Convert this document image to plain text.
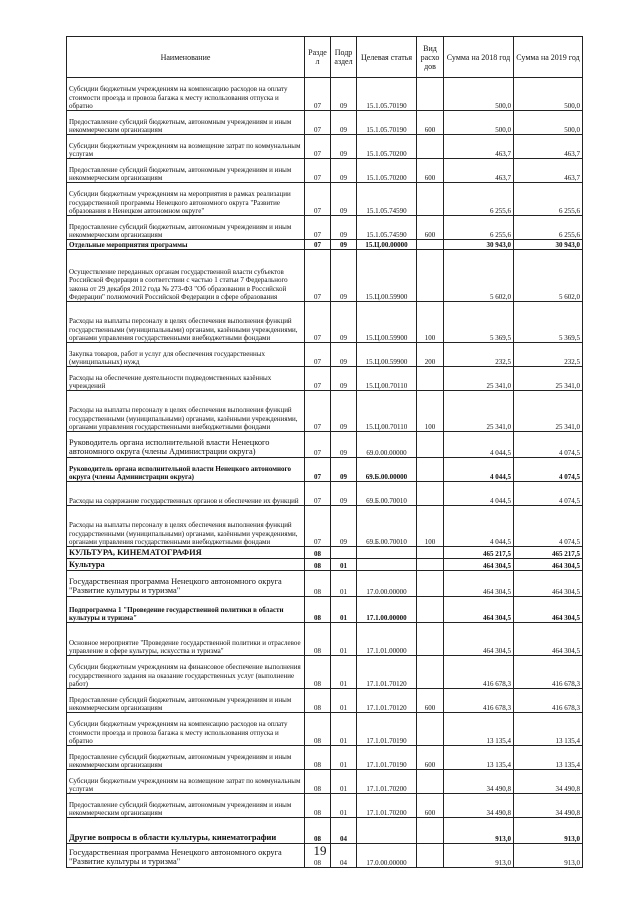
Наименование	Разде л	Подр аздел	Целевая статья	Вид расхо дов	Сумма на 2018 год	Сумма на 2019 год
Субсидии бюджетным учреждениям на компенсацию расходов на оплату стоимости проезда и провоза багажа к месту использования отпуска и обратно	07	09	15.1.05.70190		500,0	500,0
Предоставление субсидий бюджетным, автономным учреждениям и иным некоммерческим организациям	07	09	15.1.05.70190	600	500,0	500,0
Субсидии бюджетным учреждениям на возмещение затрат по коммунальным услугам	07	09	15.1.05.70200		463,7	463,7
Предоставление субсидий бюджетным, автономным учреждениям и иным некоммерческим организациям	07	09	15.1.05.70200	600	463,7	463,7
Субсидии бюджетным учреждениям на мероприятия в рамках реализации государственной программы Ненецкого автономного округа "Развитие образования в Ненецком автономном округе"	07	09	15.1.05.74590		6 255,6	6 255,6
Предоставление субсидий бюджетным, автономным учреждениям и иным некоммерческим организациям	07	09	15.1.05.74590	600	6 255,6	6 255,6
Отдельные мероприятия программы	07	09	15.Ц.00.00000		30 943,0	30 943,0
Осуществление переданных органам государственной власти субъектов Российской Федерации в соответствии с частью 1 статьи 7 Федерального закона от 29 декабря 2012 года № 273-ФЗ "Об образовании в Российской Федерации" полномочий Российской Федерации в сфере образования	07	09	15.Ц.00.59900		5 602,0	5 602,0
Расходы на выплаты персоналу в целях обеспечения выполнения функций государственными (муниципальными) органами, казёнными учреждениями, органами управления государственными внебюджетными фондами	07	09	15.Ц.00.59900	100	5 369,5	5 369,5
Закупка товаров, работ и услуг для обеспечения государственных (муниципальных) нужд	07	09	15.Ц.00.59900	200	232,5	232,5
Расходы на обеспечение деятельности подведомственных казённых учреждений	07	09	15.Ц.00.70110		25 341,0	25 341,0
Расходы на выплаты персоналу в целях обеспечения выполнения функций государственными (муниципальными) органами, казёнными учреждениями, органами управления государственными внебюджетными фондами	07	09	15.Ц.00.70110	100	25 341,0	25 341,0
Руководитель органа исполнительной власти Ненецкого автономного округа (члены Администрации округа)	07	09	69.0.00.00000		4 044,5	4 074,5
Руководитель органа исполнительной власти Ненецкого автономного округа (члены Администрации округа)	07	09	69.Б.00.00000		4 044,5	4 074,5
Расходы на содержание государственных органов и обеспечение их функций	07	09	69.Б.00.70010		4 044,5	4 074,5
Расходы на выплаты персоналу в целях обеспечения выполнения функций государственными (муниципальными) органами, казёнными учреждениями, органами управления государственными внебюджетными фондами	07	09	69.Б.00.70010	100	4 044,5	4 074,5
КУЛЬТУРА, КИНЕМАТОГРАФИЯ	08				465 217,5	465 217,5
Культура	08	01			464 304,5	464 304,5
Государственная программа Ненецкого автономного округа "Развитие культуры и туризма"	08	01	17.0.00.00000		464 304,5	464 304,5
Подпрограмма 1 "Проведение государственной политики в области культуры и туризма"	08	01	17.1.00.00000		464 304,5	464 304,5
Основное мероприятие "Проведение государственной политики и отраслевое управление в сфере культуры, искусства и туризма"	08	01	17.1.01.00000		464 304,5	464 304,5
Субсидии бюджетным учреждениям на финансовое обеспечение выполнения государственного задания на оказание государственных услуг (выполнение работ)	08	01	17.1.01.70120		416 678,3	416 678,3
Предоставление субсидий бюджетным, автономным учреждениям и иным некоммерческим организациям	08	01	17.1.01.70120	600	416 678,3	416 678,3
Субсидии бюджетным учреждениям на компенсацию расходов на оплату стоимости проезда и провоза багажа к месту использования отпуска и обратно	08	01	17.1.01.70190		13 135,4	13 135,4
Предоставление субсидий бюджетным, автономным учреждениям и иным некоммерческим организациям	08	01	17.1.01.70190	600	13 135,4	13 135,4
Субсидии бюджетным учреждениям на возмещение затрат по коммунальным услугам	08	01	17.1.01.70200		34 490,8	34 490,8
Предоставление субсидий бюджетным, автономным учреждениям и иным некоммерческим организациям	08	01	17.1.01.70200	600	34 490,8	34 490,8
Другие вопросы в области культуры, кинематографии	08	04			913,0	913,0
Государственная программа Ненецкого автономного округа "Развитие культуры и туризма"	08	04	17.0.00.00000		913,0	913,0
19
